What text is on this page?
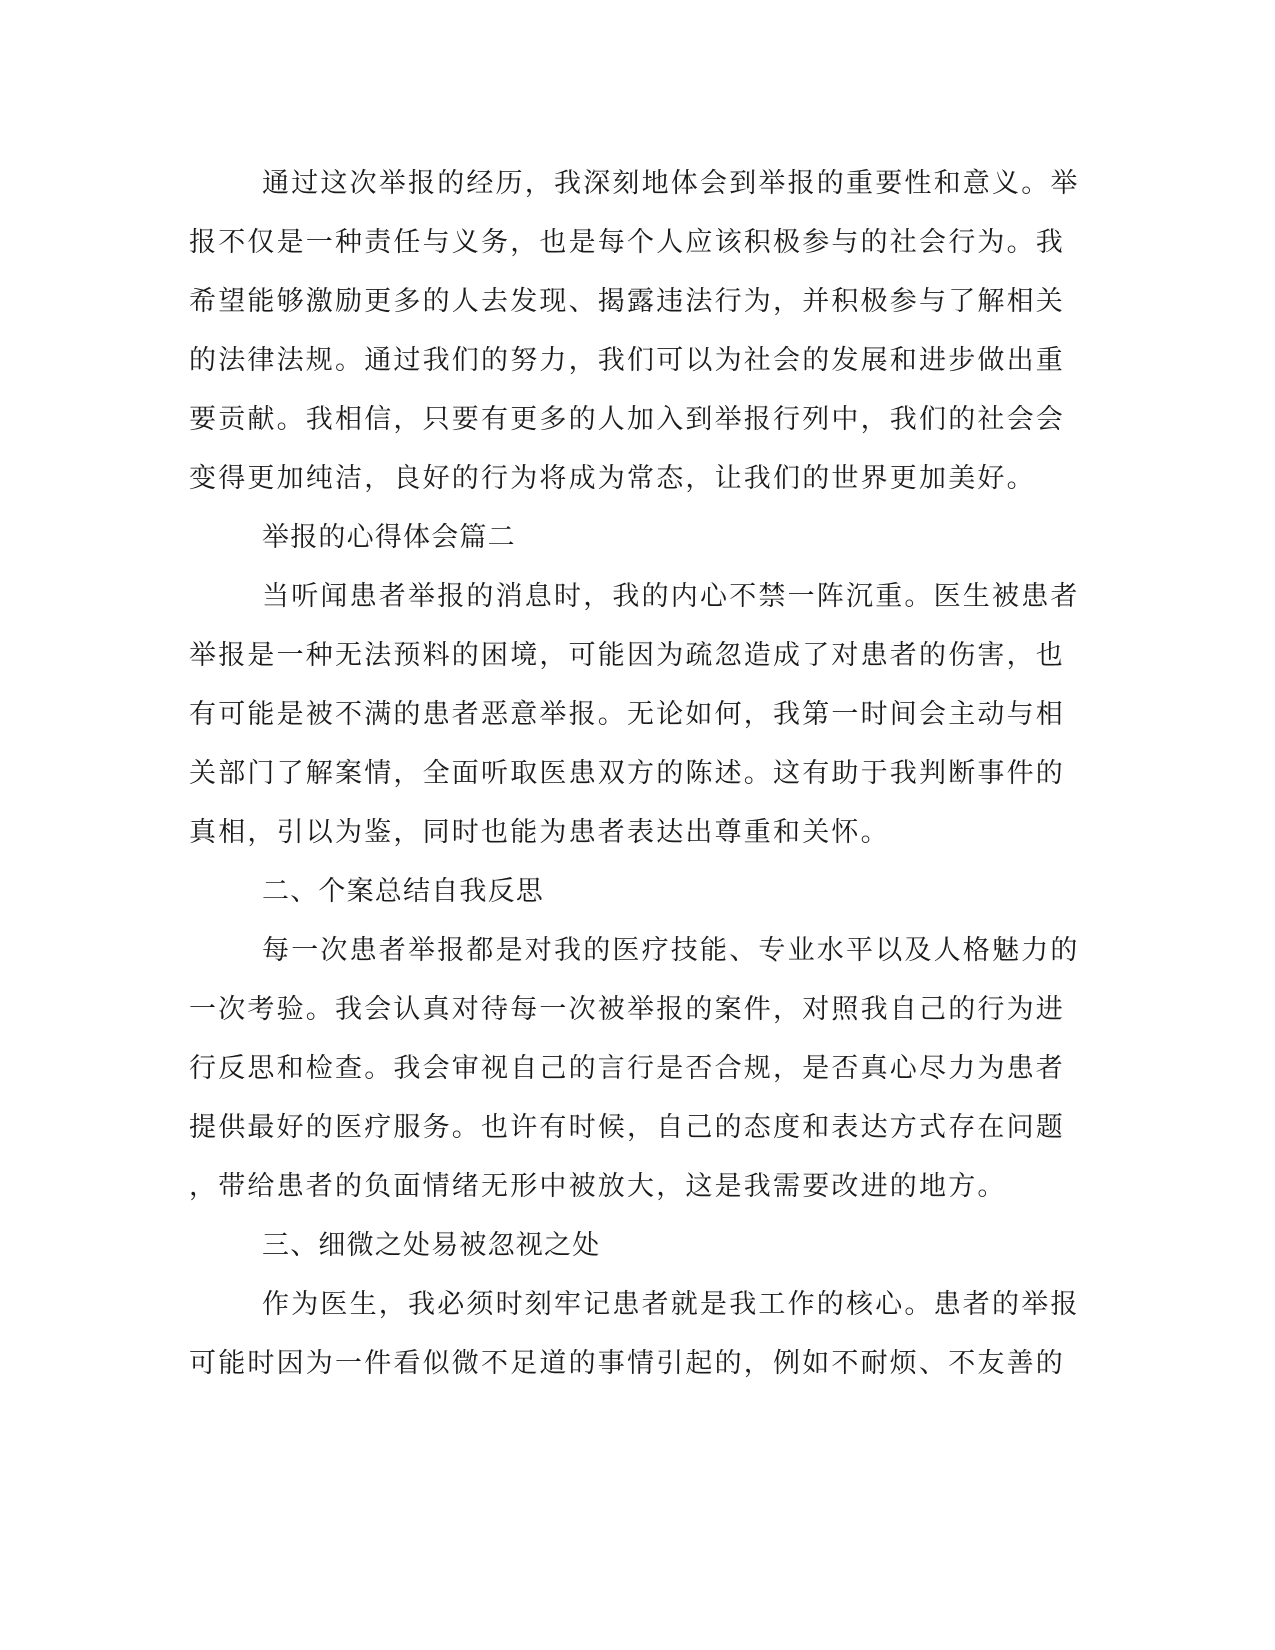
通过这次举报的经历，我深刻地体会到举报的重要性和意义。举
报不仅是一种责任与义务，也是每个人应该积极参与的社会行为。我
希望能够激励更多的人去发现、揭露违法行为，并积极参与了解相关
的法律法规。通过我们的努力，我们可以为社会的发展和进步做出重
要贡献。我相信，只要有更多的人加入到举报行列中，我们的社会会
变得更加纯洁，良好的行为将成为常态，让我们的世界更加美好。
举报的心得体会篇二
当听闻患者举报的消息时，我的内心不禁一阵沉重。医生被患者
举报是一种无法预料的困境，可能因为疏忽造成了对患者的伤害，也
有可能是被不满的患者恶意举报。无论如何，我第一时间会主动与相
关部门了解案情，全面听取医患双方的陈述。这有助于我判断事件的
真相，引以为鉴，同时也能为患者表达出尊重和关怀。
二、个案总结自我反思
每一次患者举报都是对我的医疗技能、专业水平以及人格魅力的
一次考验。我会认真对待每一次被举报的案件，对照我自己的行为进
行反思和检查。我会审视自己的言行是否合规，是否真心尽力为患者
提供最好的医疗服务。也许有时候，自己的态度和表达方式存在问题
，带给患者的负面情绪无形中被放大，这是我需要改进的地方。
三、细微之处易被忽视之处
作为医生，我必须时刻牢记患者就是我工作的核心。患者的举报
可能时因为一件看似微不足道的事情引起的，例如不耐烦、不友善的
